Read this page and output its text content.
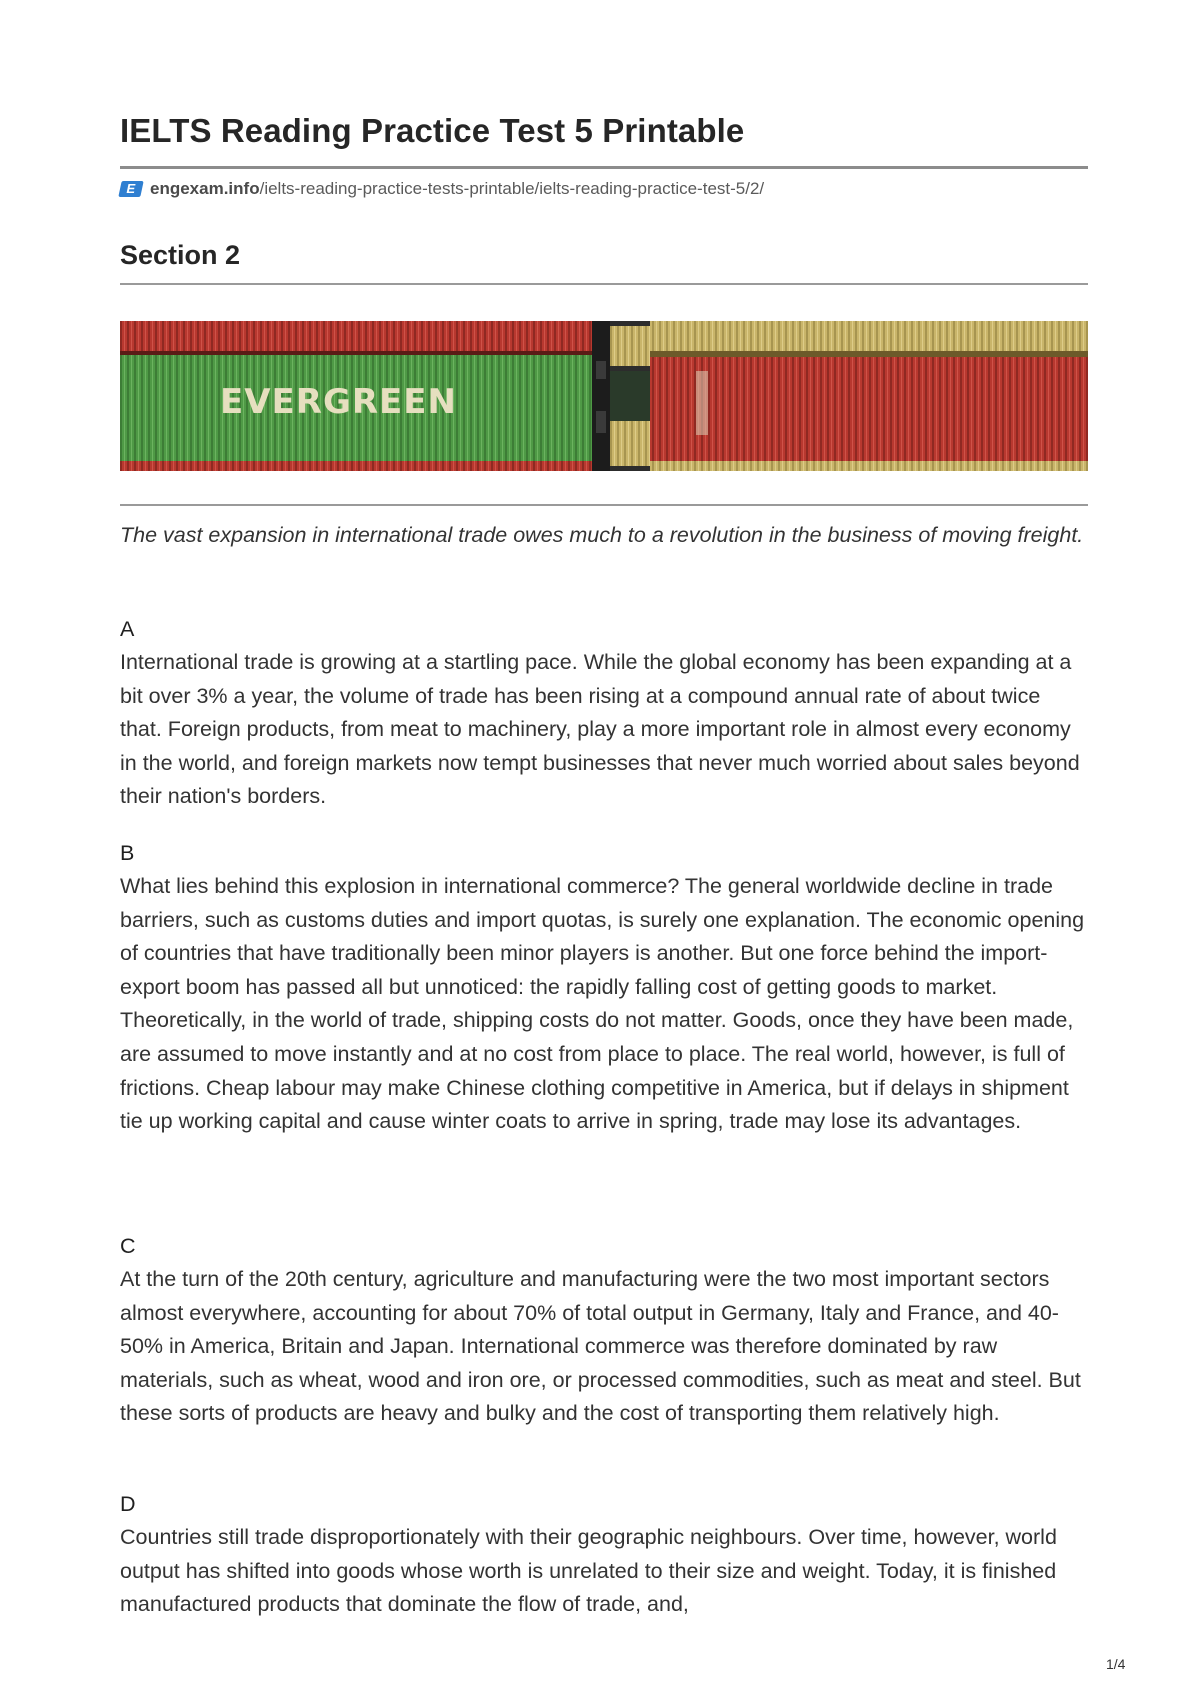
IELTS Reading Practice Test 5 Printable
E engexam.info /ielts-reading-practice-tests-printable/ielts-reading-practice-test-5/2/
Section 2
EVERGREEN

The vast expansion in international trade owes much to a revolution in the business of moving freight.

A

International trade is growing at a startling pace. While the global economy has been expanding at a bit over 3% a year, the volume of trade has been rising at a compound annual rate of about twice that. Foreign products, from meat to machinery, play a more important role in almost every economy in the world, and foreign markets now tempt businesses that never much worried about sales beyond their nation's borders.

B

What lies behind this explosion in international commerce? The general worldwide decline in trade barriers, such as customs duties and import quotas, is surely one explanation. The economic opening of countries that have traditionally been minor players is another. But one force behind the import-export boom has passed all but unnoticed: the rapidly falling cost of getting goods to market. Theoretically, in the world of trade, shipping costs do not matter. Goods, once they have been made, are assumed to move instantly and at no cost from place to place. The real world, however, is full of frictions. Cheap labour may make Chinese clothing competitive in America, but if delays in shipment tie up working capital and cause winter coats to arrive in spring, trade may lose its advantages.

C

At the turn of the 20th century, agriculture and manufacturing were the two most important sectors almost everywhere, accounting for about 70% of total output in Germany, Italy and France, and 40-50% in America, Britain and Japan. International commerce was therefore dominated by raw materials, such as wheat, wood and iron ore, or processed commodities, such as meat and steel. But these sorts of products are heavy and bulky and the cost of transporting them relatively high.

D

Countries still trade disproportionately with their geographic neighbours. Over time, however, world output has shifted into goods whose worth is unrelated to their size and weight. Today, it is finished manufactured products that dominate the flow of trade, and,

1/4
